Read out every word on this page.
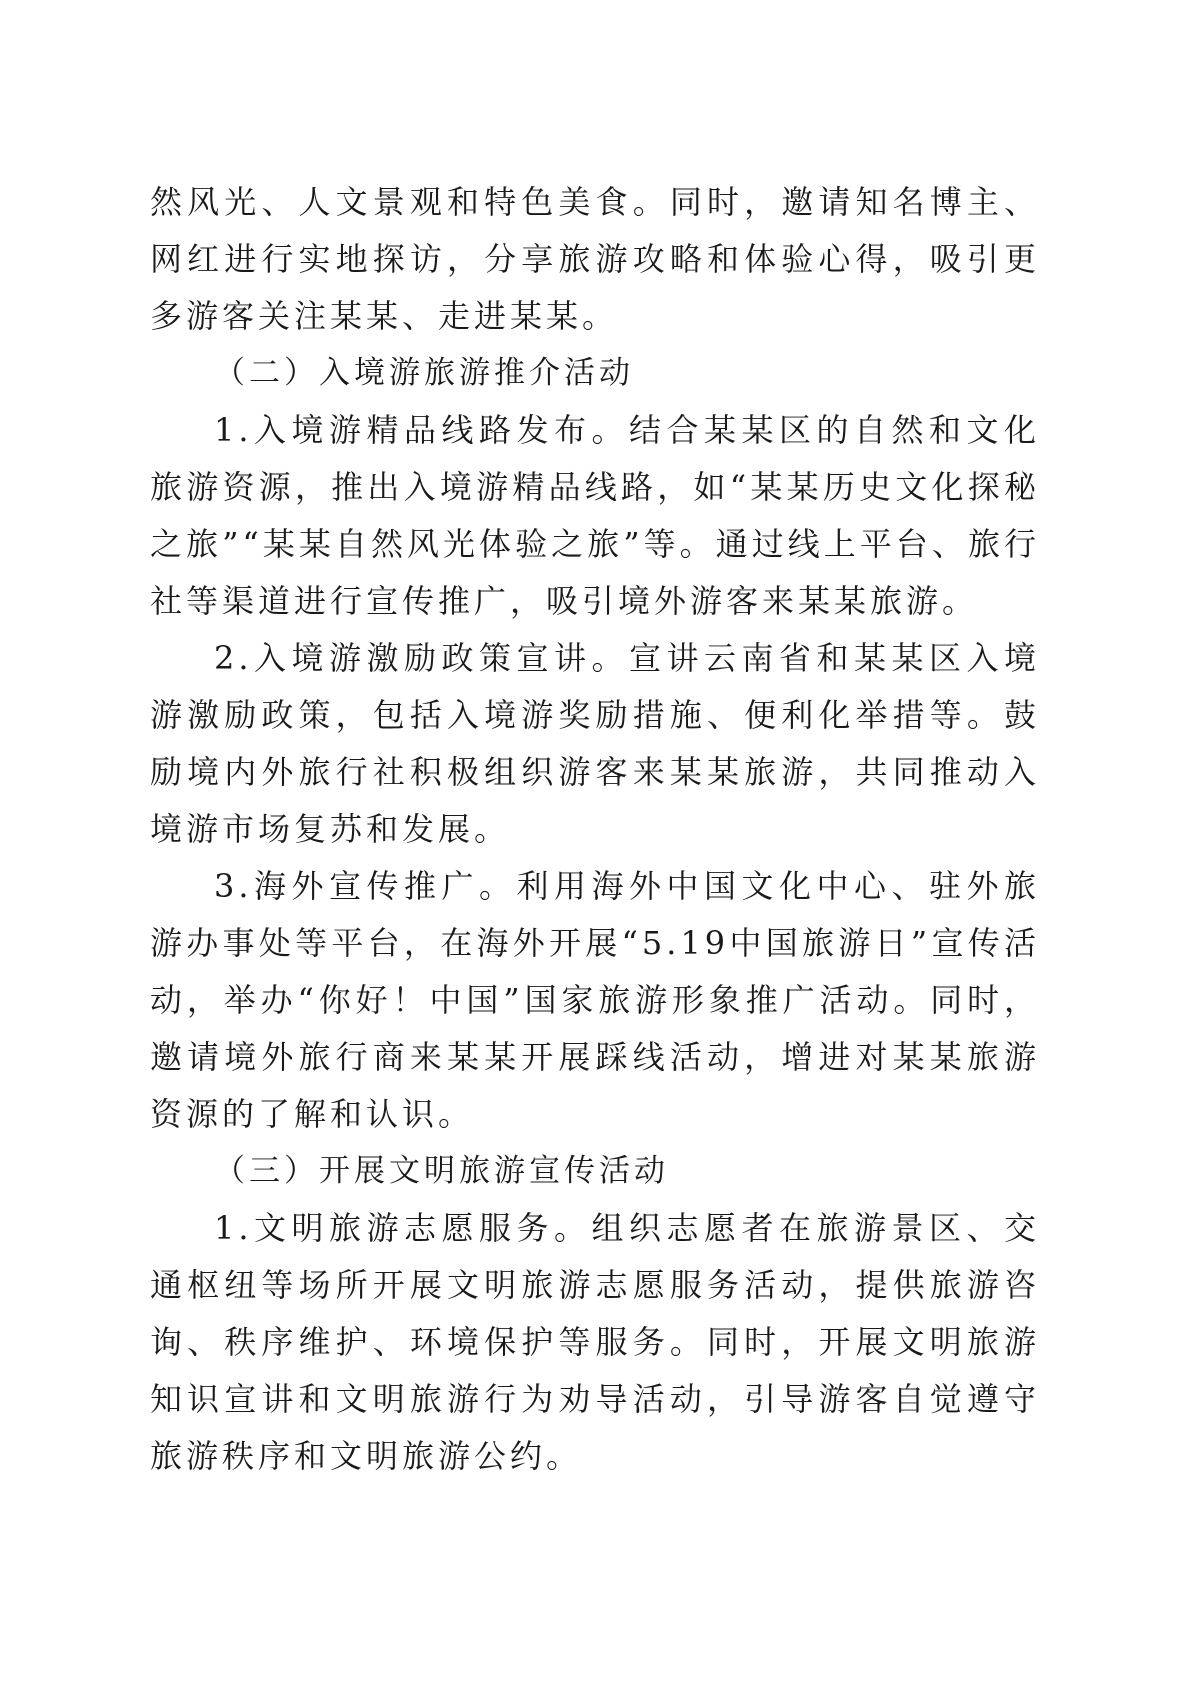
然风光、人文景观和特色美食。同时，邀请知名博主、网红进行实地探访，分享旅游攻略和体验心得，吸引更多游客关注某某、走进某某。

（二）入境游旅游推介活动

1.入境游精品线路发布。结合某某区的自然和文化旅游资源，推出入境游精品线路，如“某某历史文化探秘之旅”“某某自然风光体验之旅”等。通过线上平台、旅行社等渠道进行宣传推广，吸引境外游客来某某旅游。

2.入境游激励政策宣讲。宣讲云南省和某某区入境游激励政策，包括入境游奖励措施、便利化举措等。鼓励境内外旅行社积极组织游客来某某旅游，共同推动入境游市场复苏和发展。

3.海外宣传推广。利用海外中国文化中心、驻外旅游办事处等平台，在海外开展“5.19中国旅游日”宣传活动，举办“你好！中国”国家旅游形象推广活动。同时，邀请境外旅行商来某某开展踩线活动，增进对某某旅游资源的了解和认识。

（三）开展文明旅游宣传活动

1.文明旅游志愿服务。组织志愿者在旅游景区、交通枢纽等场所开展文明旅游志愿服务活动，提供旅游咨询、秩序维护、环境保护等服务。同时，开展文明旅游知识宣讲和文明旅游行为劝导活动，引导游客自觉遵守旅游秩序和文明旅游公约。
